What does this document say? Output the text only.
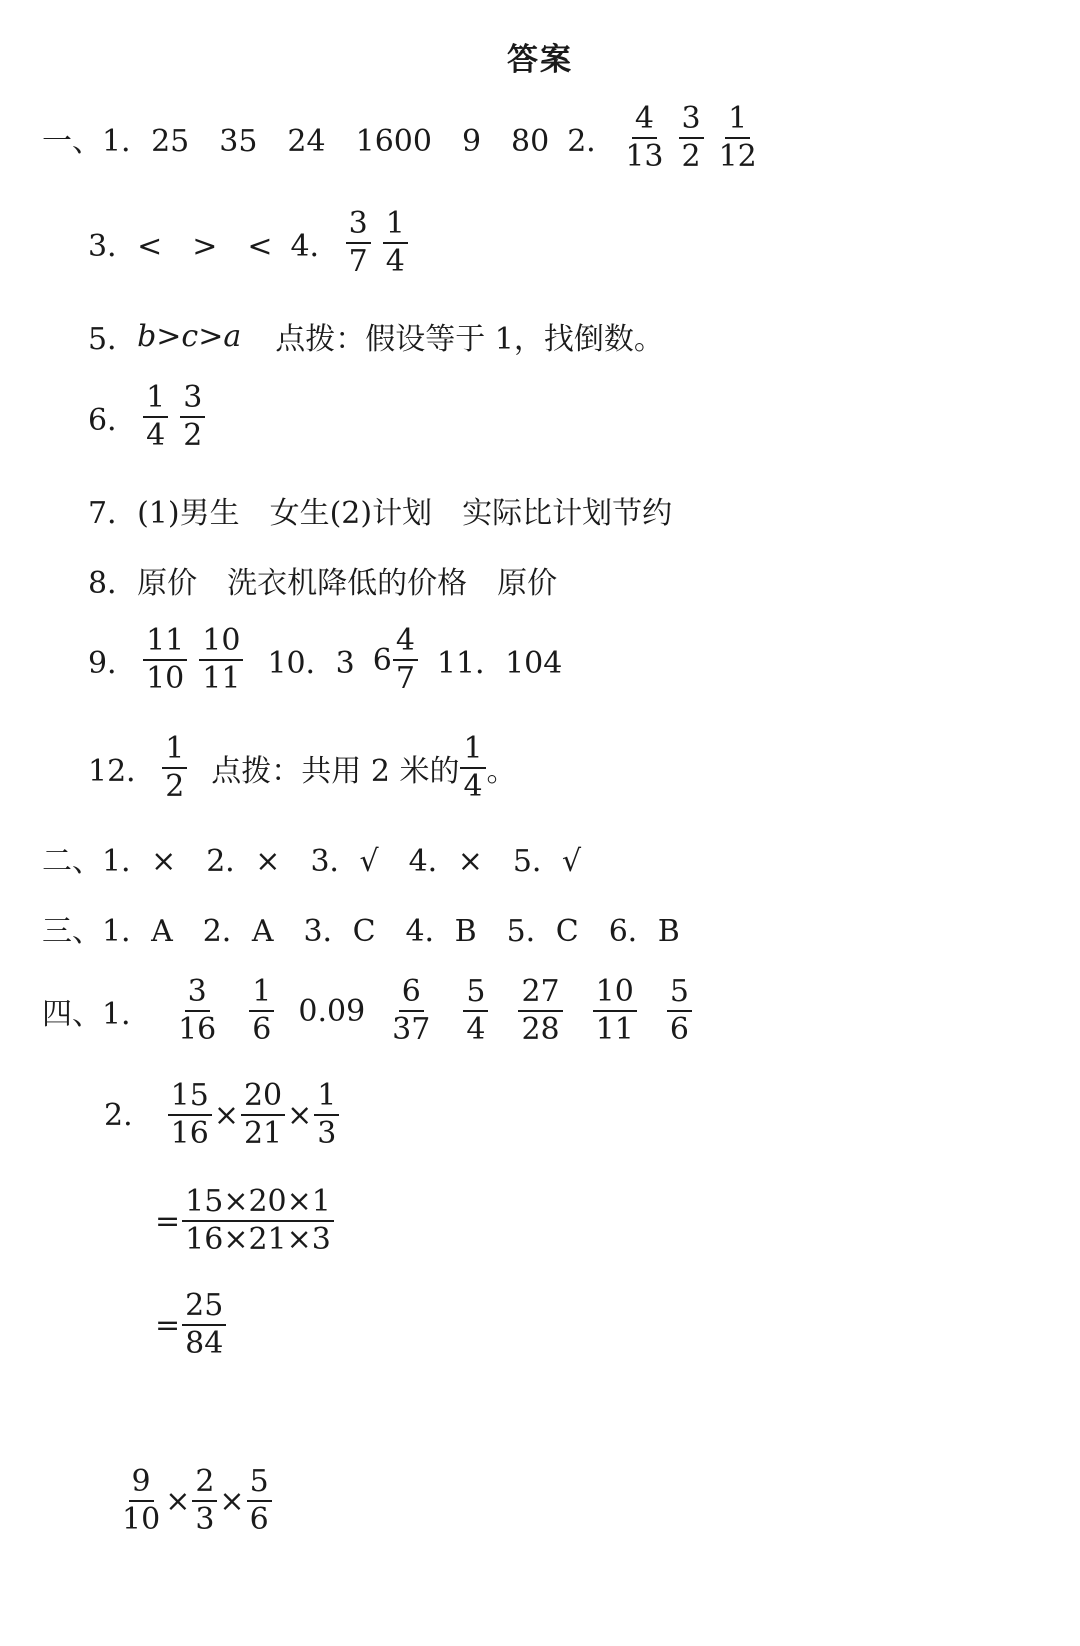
答案
一、1．25　35　24　1600　9　80 2． $\frac{4}{13} \frac{3}{2} \frac{1}{12}$
3．<　>　< 4． $\frac{3}{7} \frac{1}{4}$
5． b>c>a 点拨：假设等于 1，找倒数。
6． $\frac{1}{4} \frac{3}{2}$
7．(1)男生　女生(2)计划　实际比计划节约
8．原价　洗衣机降低的价格　原价
9． $\frac{11}{10} \frac{10}{11} 10$．3 $6 \frac{4}{7} 11$．104
12． $\frac{1}{2}$ 点拨：共用 2 米的 $\frac{1}{4}$ 。
二、1．×　2．×　3．√　4．×　5．√
三、1．A　2．A　3．C　4．B　5．C　6．B
四、1． $\frac{3}{16} \frac{1}{6} 0.09 \frac{6}{37} \frac{5}{4} \frac{27}{28} \frac{10}{11} \frac{5}{6}$
2. $\frac{15}{16} \times \frac{20}{21} \times \frac{1}{3}$
= $\frac{15\times 20\times 1}{16\times 21\times 3}$
= $\frac{25}{84}$
$\frac{9}{10} \times \frac{2}{3} \times \frac{5}{6}$
